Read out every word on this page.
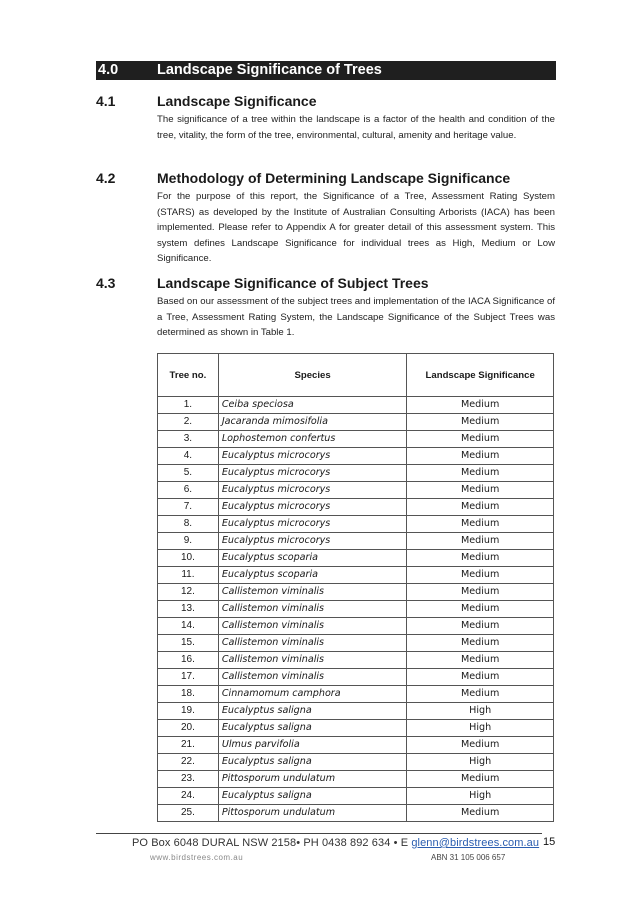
4.0	Landscape Significance of Trees
4.1	Landscape Significance
The significance of a tree within the landscape is a factor of the health and condition of the tree, vitality, the form of the tree, environmental, cultural, amenity and heritage value.
4.2	Methodology of Determining Landscape Significance
For the purpose of this report, the Significance of a Tree, Assessment Rating System (STARS) as developed by the Institute of Australian Consulting Arborists (IACA) has been implemented. Please refer to Appendix A for greater detail of this assessment system. This system defines Landscape Significance for individual trees as High, Medium or Low Significance.
4.3	Landscape Significance of Subject Trees
Based on our assessment of the subject trees and implementation of the IACA Significance of a Tree, Assessment Rating System, the Landscape Significance of the Subject Trees was determined as shown in Table 1.
Tree no.	Species	Landscape Significance
1.	Ceiba speciosa	Medium
2.	Jacaranda mimosifolia	Medium
3.	Lophostemon confertus	Medium
4.	Eucalyptus microcorys	Medium
5.	Eucalyptus microcorys	Medium
6.	Eucalyptus microcorys	Medium
7.	Eucalyptus microcorys	Medium
8.	Eucalyptus microcorys	Medium
9.	Eucalyptus microcorys	Medium
10.	Eucalyptus scoparia	Medium
11.	Eucalyptus scoparia	Medium
12.	Callistemon viminalis	Medium
13.	Callistemon viminalis	Medium
14.	Callistemon viminalis	Medium
15.	Callistemon viminalis	Medium
16.	Callistemon viminalis	Medium
17.	Callistemon viminalis	Medium
18.	Cinnamomum camphora	Medium
19.	Eucalyptus saligna	High
20.	Eucalyptus saligna	High
21.	Ulmus parvifolia	Medium
22.	Eucalyptus saligna	High
23.	Pittosporum undulatum	Medium
24.	Eucalyptus saligna	High
25.	Pittosporum undulatum	Medium
PO Box 6048 DURAL NSW 2158• PH 0438 892 634 • E glenn@birdstrees.com.au
www.birdstrees.com.au	ABN 31 105 006 657
15
